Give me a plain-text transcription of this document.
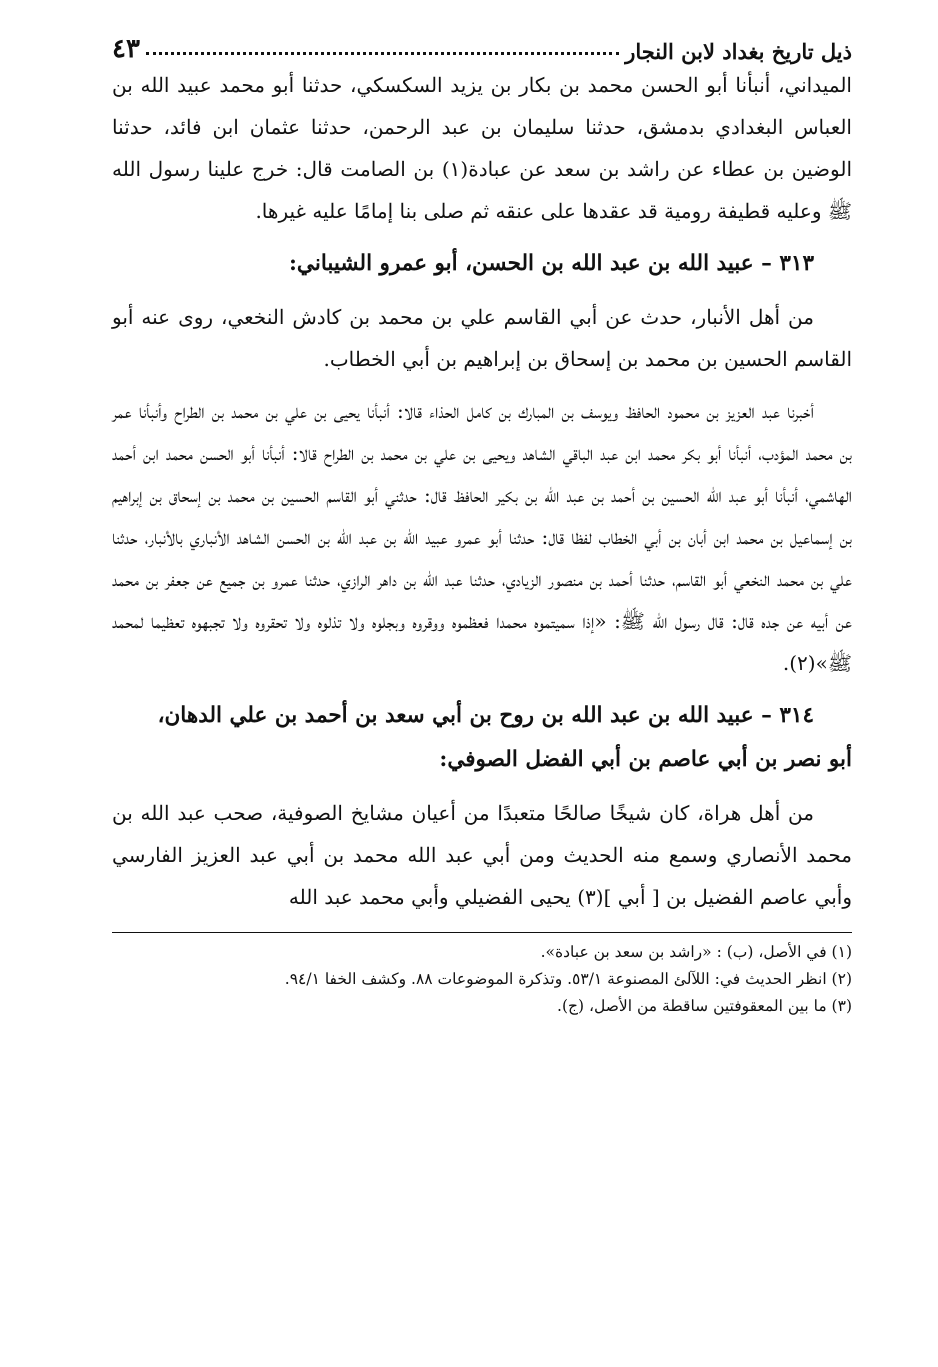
ذيل تاريخ بغداد لابن النجار
٤٣

الميداني، أنبأنا أبو الحسن محمد بن بكار بن يزيد السكسكي، حدثنا أبو محمد عبيد الله بن العباس البغدادي بدمشق، حدثنا سليمان بن عبد الرحمن، حدثنا عثمان ابن فائد، حدثنا الوضين بن عطاء عن راشد بن سعد عن عبادة(١) بن الصامت قال: خرج علينا رسول الله ﷺ وعليه قطيفة رومية قد عقدها على عنقه ثم صلى بنا إمامًا عليه غيرها.

٣١٣ – عبيد الله بن عبد الله بن الحسن، أبو عمرو الشيباني:

من أهل الأنبار، حدث عن أبي القاسم علي بن محمد بن كادش النخعي، روى عنه أبو القاسم الحسين بن محمد بن إسحاق بن إبراهيم بن أبي الخطاب.

أخبرنا عبد العزيز بن محمود الحافظ ويوسف بن المبارك بن كامل الحذاء قالا: أنبأنا يحيى بن علي بن محمد بن الطراح وأنبأنا عمر بن محمد المؤدب، أنبأنا أبو بكر محمد ابن عبد الباقي الشاهد ويحيى بن علي بن محمد بن الطراح قالا: أنبأنا أبو الحسن محمد ابن أحمد الهاشمي، أنبأنا أبو عبد الله الحسين بن أحمد بن عبد الله بن بكير الحافظ قال: حدثني أبو القاسم الحسين بن محمد بن إسحاق بن إبراهيم بن إسماعيل بن محمد ابن أبان بن أبي الخطاب لفظا قال: حدثنا أبو عمرو عبيد الله بن عبد الله بن الحسن الشاهد الأنباري بالأنبار، حدثنا علي بن محمد النخعي أبو القاسم، حدثنا أحمد بن منصور الزيادي، حدثنا عبد الله بن داهر الرازي، حدثنا عمرو بن جميع عن جعفر بن محمد عن أبيه عن جده قال: قال رسول الله ﷺ: «إذا سميتموه محمدا فعظموه ووقروه وبجلوه ولا تذلوه ولا تحقروه ولا تجبهوه تعظيما لمحمد ﷺ»(٢).

٣١٤ – عبيد الله بن عبد الله بن روح بن أبي سعد بن أحمد بن علي الدهان،

أبو نصر بن أبي عاصم بن أبي الفضل الصوفي:

من أهل هراة، كان شيخًا صالحًا متعبدًا من أعيان مشايخ الصوفية، صحب عبد الله بن محمد الأنصاري وسمع منه الحديث ومن أبي عبد الله محمد بن أبي عبد العزيز الفارسي وأبي عاصم الفضيل بن [ أبي ](٣) يحيى الفضيلي وأبي محمد عبد الله

(١) في الأصل، (ب) : «راشد بن سعد بن عبادة».

(٢) انظر الحديث في: اللآلئ المصنوعة ٥٣/١. وتذكرة الموضوعات ٨٨. وكشف الخفا ٩٤/١.

(٣) ما بين المعقوفتين ساقطة من الأصل، (ج).
